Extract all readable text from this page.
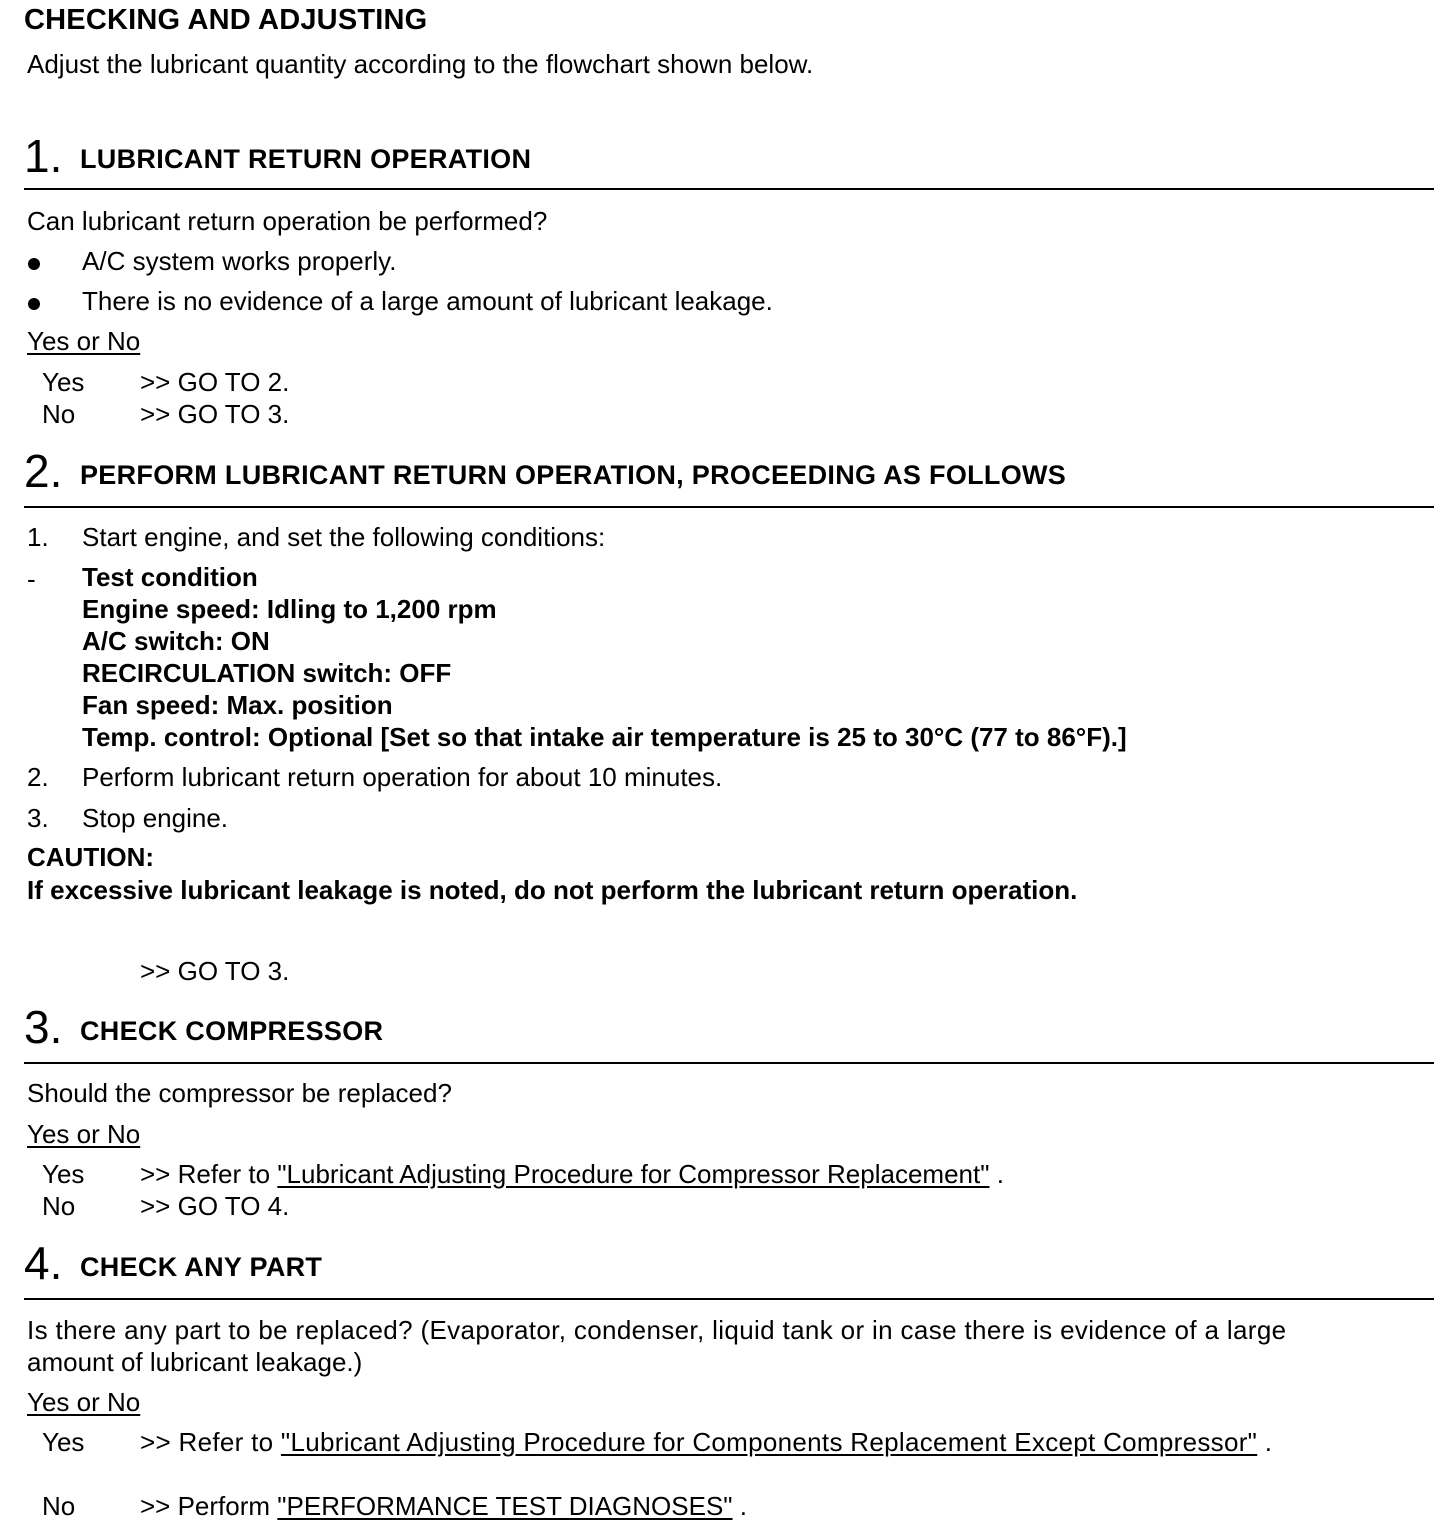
CHECKING AND ADJUSTING
Adjust the lubricant quantity according to the flowchart shown below.
1. LUBRICANT RETURN OPERATION
Can lubricant return operation be performed?
A/C system works properly.
There is no evidence of a large amount of lubricant leakage.
Yes or No
Yes >> GO TO 2.
No >> GO TO 3.
2. PERFORM LUBRICANT RETURN OPERATION, PROCEEDING AS FOLLOWS
1. Start engine, and set the following conditions:
- Test condition
Engine speed: Idling to 1,200 rpm
A/C switch: ON
RECIRCULATION switch: OFF
Fan speed: Max. position
Temp. control: Optional [Set so that intake air temperature is 25 to 30°C (77 to 86°F).]
2. Perform lubricant return operation for about 10 minutes.
3. Stop engine.
CAUTION:
If excessive lubricant leakage is noted, do not perform the lubricant return operation.
>> GO TO 3.
3. CHECK COMPRESSOR
Should the compressor be replaced?
Yes or No
Yes >> Refer to "Lubricant Adjusting Procedure for Compressor Replacement" .
No >> GO TO 4.
4. CHECK ANY PART
Is there any part to be replaced? (Evaporator, condenser, liquid tank or in case there is evidence of a large
amount of lubricant leakage.)
Yes or No
Yes >> Refer to "Lubricant Adjusting Procedure for Components Replacement Except Compressor" .
No >> Perform "PERFORMANCE TEST DIAGNOSES" .
